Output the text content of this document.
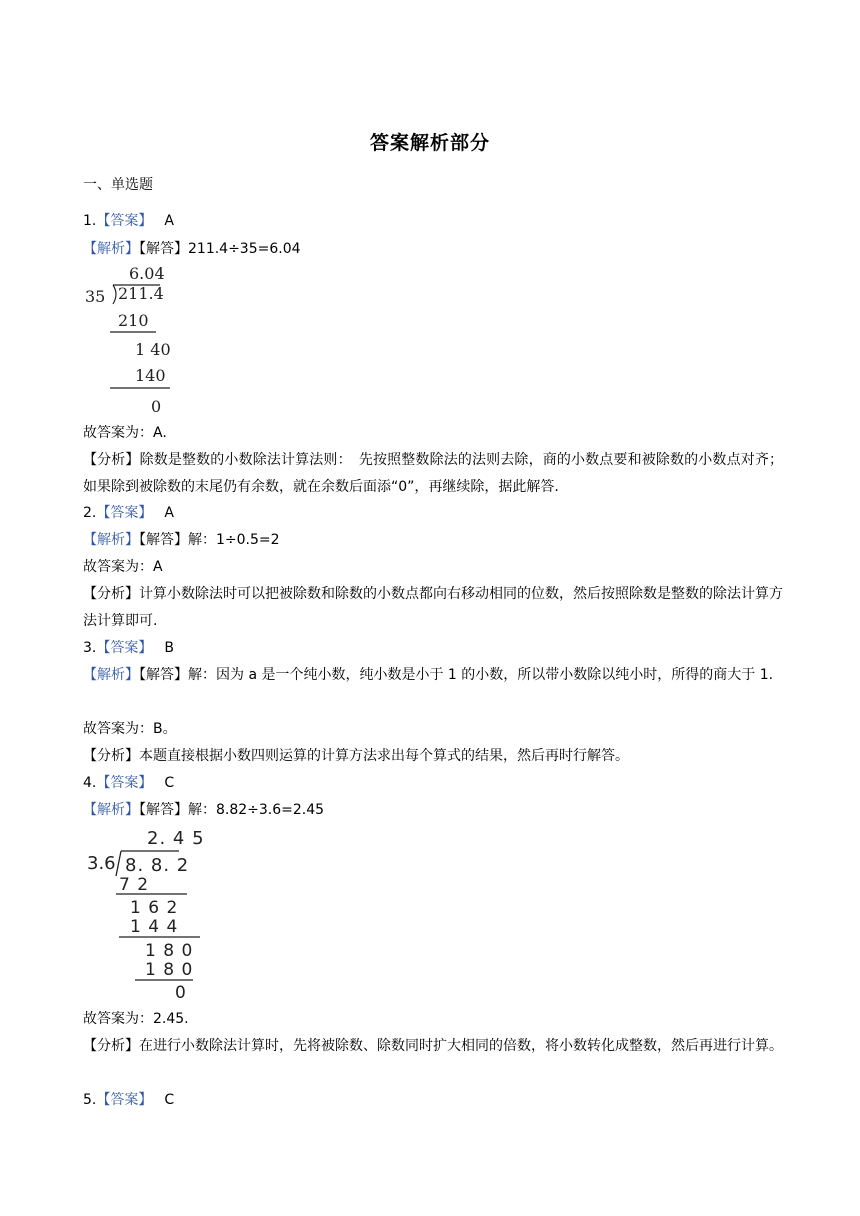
答案解析部分
一、单选题
1.【答案】 A
【解析】【解答】211.4÷35=6.04
6.04
35 211.4
210
1 40
140
0
故答案为：A.
【分析】除数是整数的小数除法计算法则：　先按照整数除法的法则去除，商的小数点要和被除数的小数点对齐；如果除到被除数的末尾仍有余数，就在余数后面添“0”，再继续除，据此解答.
2.【答案】 A
【解析】【解答】解：1÷0.5=2
故答案为：A
【分析】计算小数除法时可以把被除数和除数的小数点都向右移动相同的位数，然后按照除数是整数的除法计算方法计算即可.
3.【答案】 B
【解析】【解答】解：因为 a 是一个纯小数，纯小数是小于 1 的小数，所以带小数除以纯小时，所得的商大于 1.
故答案为：B。
【分析】本题直接根据小数四则运算的计算方法求出每个算式的结果，然后再时行解答。
4.【答案】 C
【解析】【解答】解：8.82÷3.6=2.45
2. 4 5
3.6 8. 8. 2
7 2
1 6 2
1 4 4
1 8 0
1 8 0
0
故答案为：2.45.
【分析】在进行小数除法计算时，先将被除数、除数同时扩大相同的倍数，将小数转化成整数，然后再进行计算。
5.【答案】 C
